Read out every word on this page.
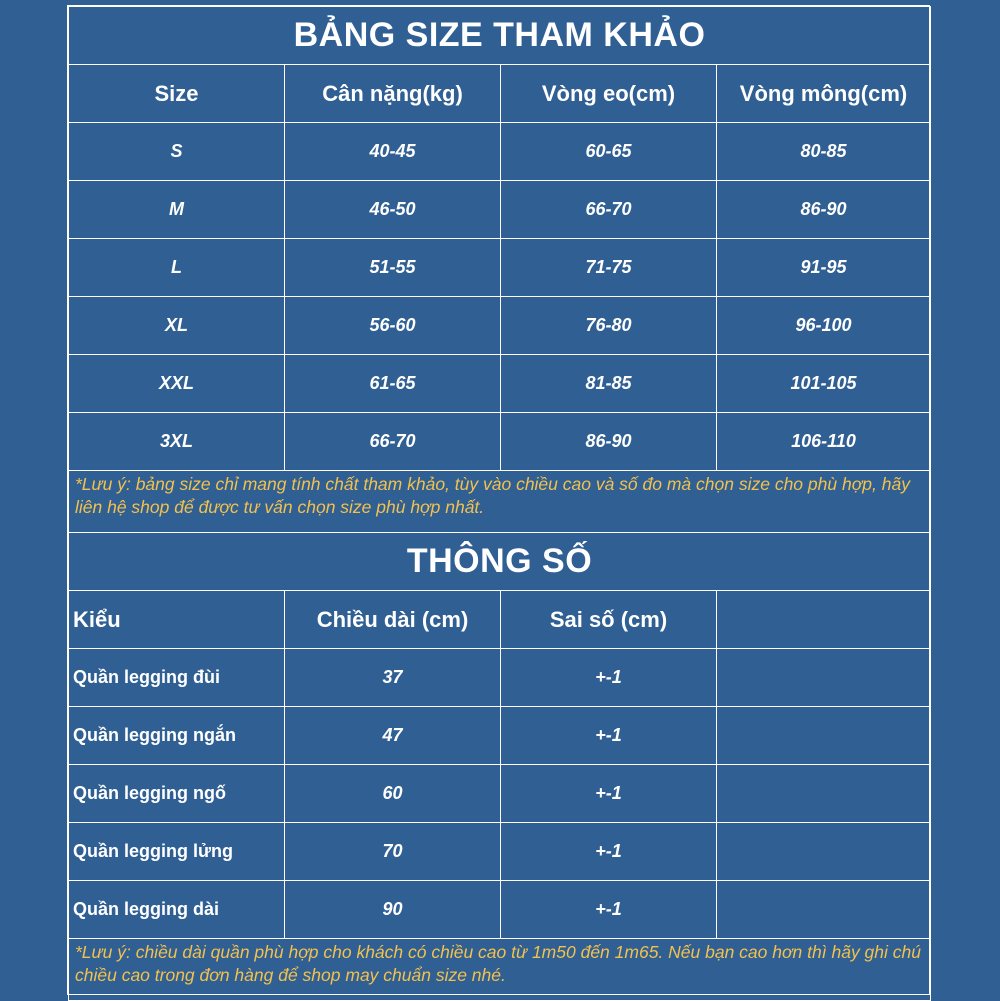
BẢNG SIZE THAM KHẢO			
Size	Cân nặng(kg)	Vòng eo(cm)	Vòng mông(cm)
S	40-45	60-65	80-85
M	46-50	66-70	86-90
L	51-55	71-75	91-95
XL	56-60	76-80	96-100
XXL	61-65	81-85	101-105
3XL	66-70	86-90	106-110
*Lưu ý: bảng size chỉ mang tính chất tham khảo, tùy vào chiều cao và số đo mà chọn size cho phù hợp, hãy liên hệ shop để được tư vấn chọn size phù hợp nhất.			
THÔNG SỐ			
Kiểu	Chiều dài (cm)	Sai số (cm)	
Quần legging đùi	37	+-1	
Quần legging ngắn	47	+-1	
Quần legging ngố	60	+-1	
Quần legging lửng	70	+-1	
Quần legging dài	90	+-1	
*Lưu ý: chiều dài quần phù hợp cho khách có chiều cao từ 1m50 đến 1m65. Nếu bạn cao hơn thì hãy ghi chú chiều cao trong đơn hàng để shop may chuẩn size nhé.			
